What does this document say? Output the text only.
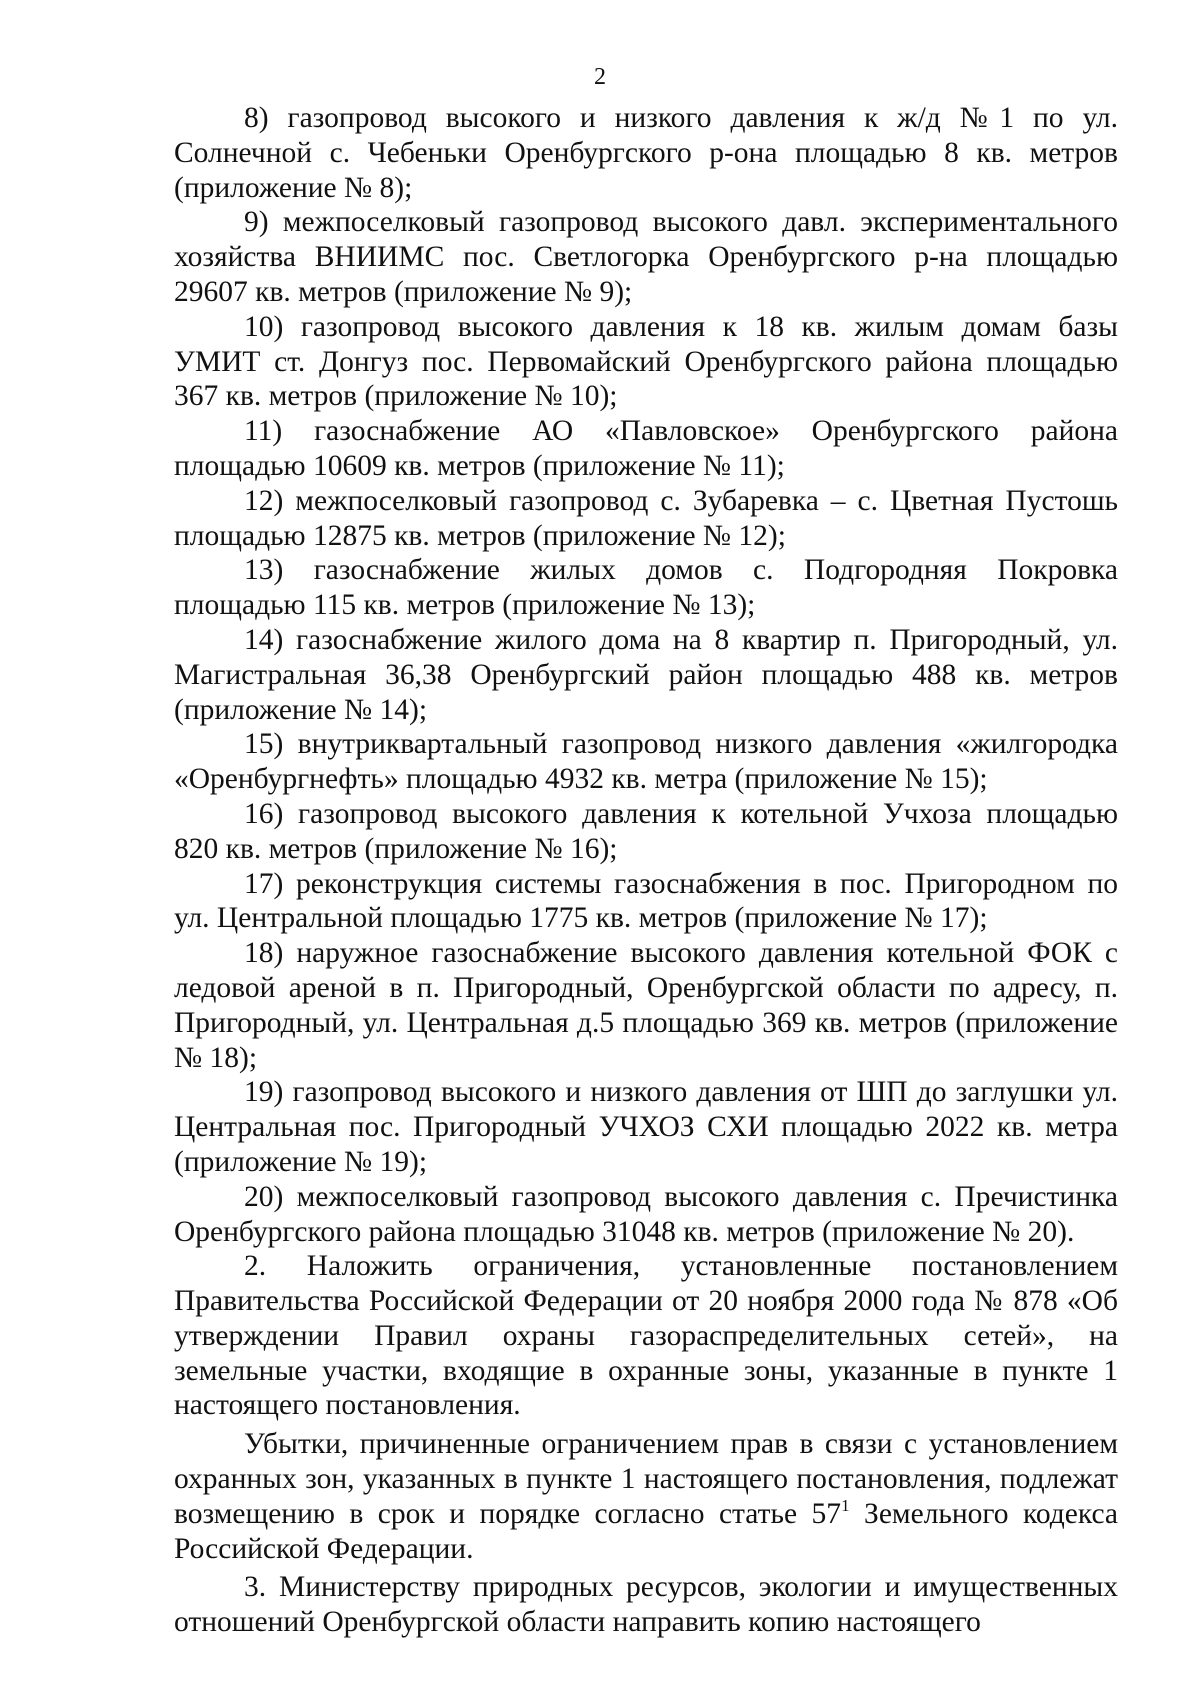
2

8) газопровод высокого и низкого давления к ж/д №1 по ул. Солнечной с. Чебеньки Оренбургского р-она площадью 8 кв. метров (приложение № 8);

9) межпоселковый газопровод высокого давл. экспериментального хозяйства ВНИИМС пос. Светлогорка Оренбургского р-на площадью 29607 кв. метров (приложение № 9);

10) газопровод высокого давления к 18 кв. жилым домам базы УМИТ ст. Донгуз пос. Первомайский Оренбургского района площадью 367 кв. метров (приложение № 10);

11) газоснабжение АО «Павловское» Оренбургского района площадью 10609 кв. метров (приложение № 11);

12) межпоселковый газопровод с. Зубаревка – с. Цветная Пустошь площадью 12875 кв. метров (приложение № 12);

13) газоснабжение жилых домов с. Подгородняя Покровка площадью 115 кв. метров (приложение № 13);

14) газоснабжение жилого дома на 8 квартир п. Пригородный, ул. Магистральная 36,38 Оренбургский район площадью 488 кв. метров (приложение № 14);

15) внутриквартальный газопровод низкого давления «жилгородка «Оренбургнефть» площадью 4932 кв. метра (приложение № 15);

16) газопровод высокого давления к котельной Учхоза площадью 820 кв. метров (приложение № 16);

17) реконструкция системы газоснабжения в пос. Пригородном по ул. Центральной площадью 1775 кв. метров (приложение № 17);

18) наружное газоснабжение высокого давления котельной ФОК с ледовой ареной в п. Пригородный, Оренбургской области по адресу, п. Пригородный, ул. Центральная д.5 площадью 369 кв. метров (приложение № 18);

19) газопровод высокого и низкого давления от ШП до заглушки ул. Центральная пос. Пригородный УЧХОЗ СХИ площадью 2022 кв. метра (приложение № 19);

20) межпоселковый газопровод высокого давления с. Пречистинка Оренбургского района площадью 31048 кв. метров (приложение № 20).

2. Наложить ограничения, установленные постановлением Правительства Российской Федерации от 20 ноября 2000 года № 878 «Об утверждении Правил охраны газораспределительных сетей», на земельные участки, входящие в охранные зоны, указанные в пункте 1 настоящего постановления.

Убытки, причиненные ограничением прав в связи с установлением охранных зон, указанных в пункте 1 настоящего постановления, подлежат возмещению в срок и порядке согласно статье $57^1$ Земельного кодекса Российской Федерации.

3. Министерству природных ресурсов, экологии и имущественных отношений Оренбургской области направить копию настоящего
